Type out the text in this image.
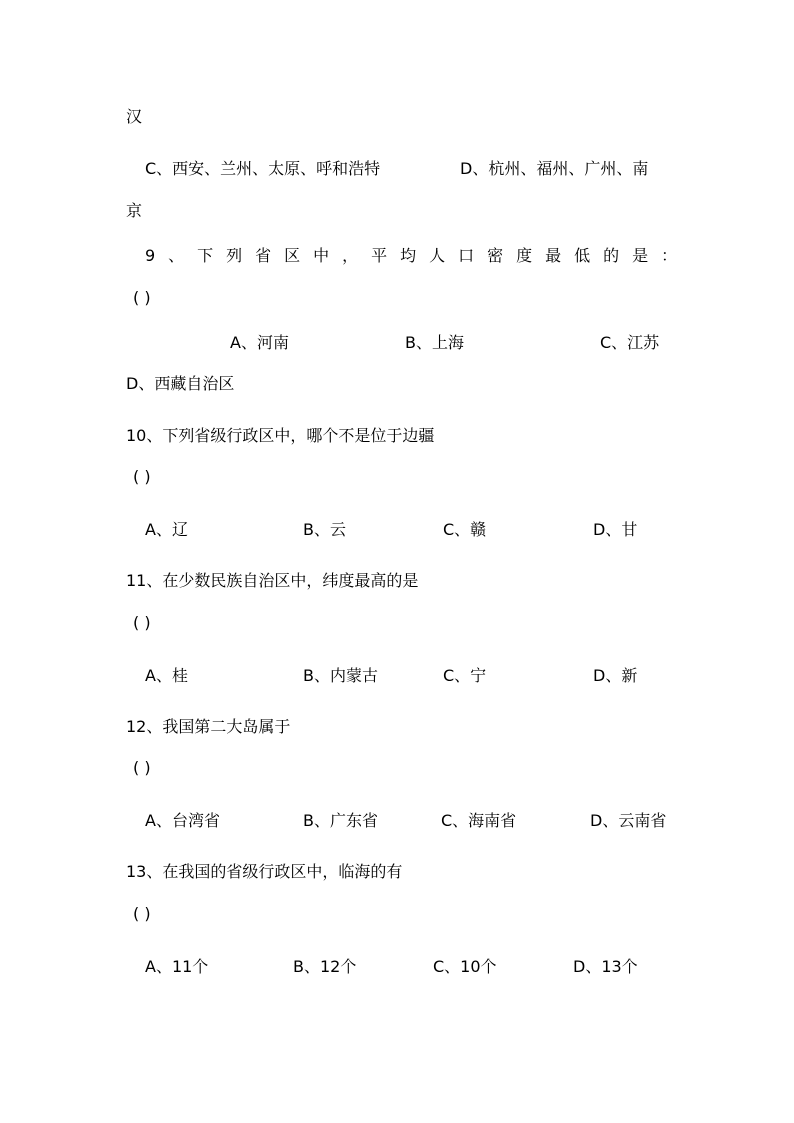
汉
C、西安、兰州、太原、呼和浩特	D、杭州、福州、广州、南
京
9、下列省区中，平均人口密度最低的是：
( )
A、河南	B、上海	C、江苏
D、西藏自治区
10、下列省级行政区中，哪个不是位于边疆
( )
A、辽	B、云	C、赣	D、甘
11、在少数民族自治区中，纬度最高的是
( )
A、桂	B、内蒙古	C、宁	D、新
12、我国第二大岛属于
( )
A、台湾省	B、广东省	C、海南省	D、云南省
13、在我国的省级行政区中，临海的有
( )
A、11个	B、12个	C、10个	D、13个
